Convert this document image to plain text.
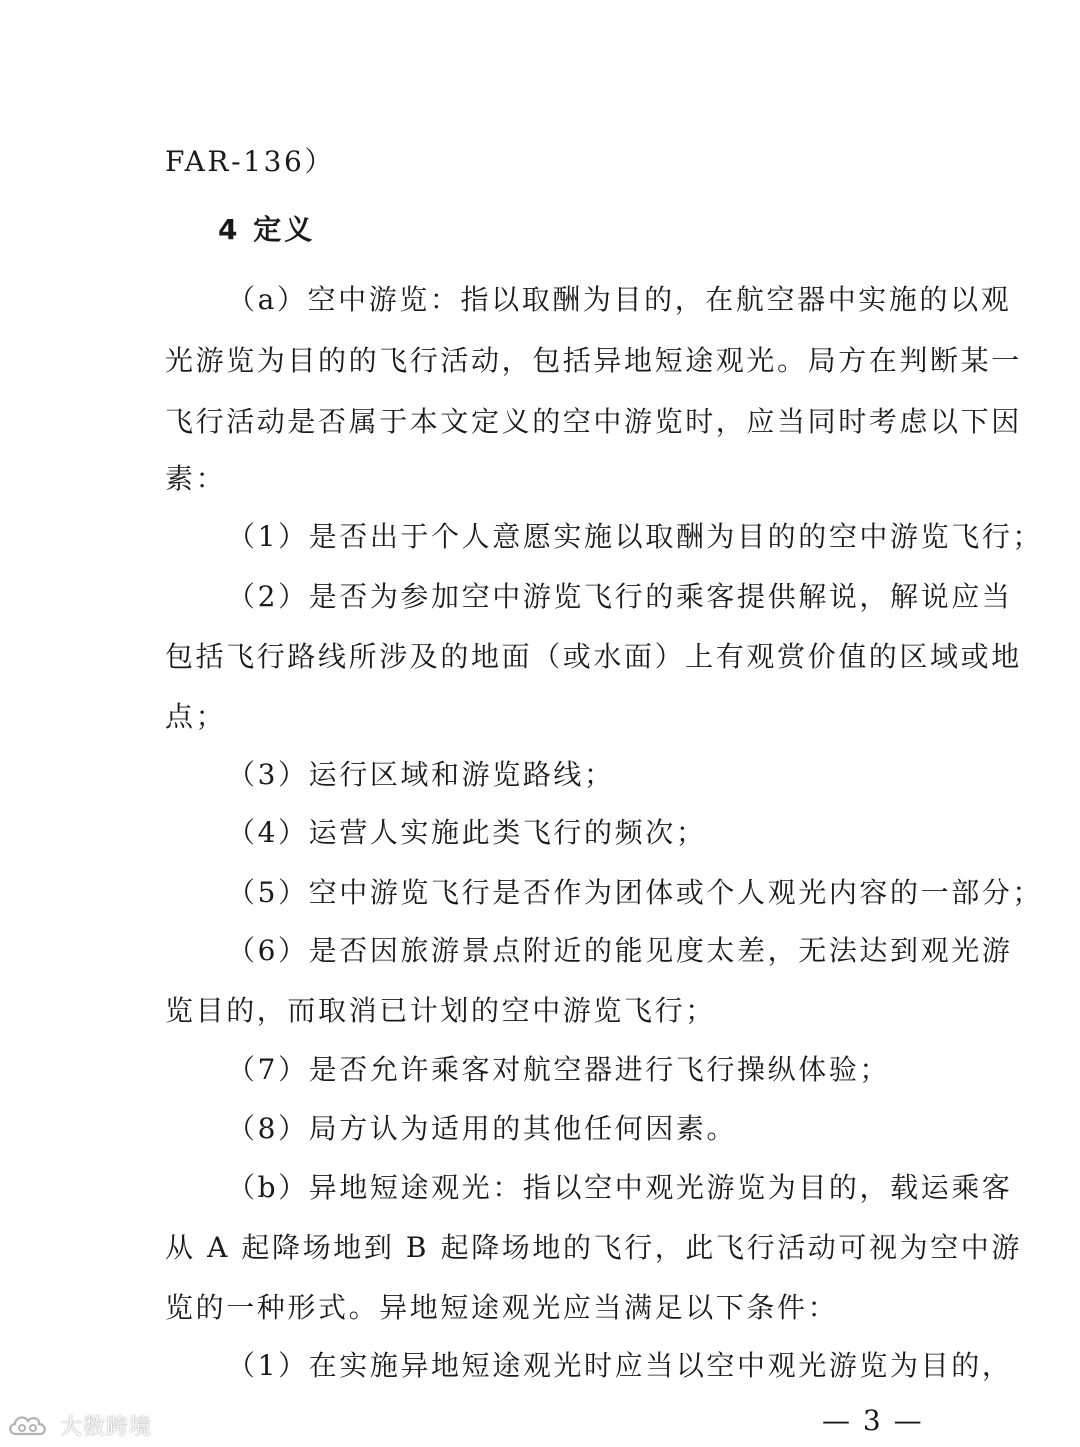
FAR-136）
4 定义
（a）空中游览：指以取酬为目的，在航空器中实施的以观
光游览为目的的飞行活动，包括异地短途观光。局方在判断某一
飞行活动是否属于本文定义的空中游览时，应当同时考虑以下因
素：
（1）是否出于个人意愿实施以取酬为目的的空中游览飞行；
（2）是否为参加空中游览飞行的乘客提供解说，解说应当
包括飞行路线所涉及的地面（或水面）上有观赏价值的区域或地
点；
（3）运行区域和游览路线；
（4）运营人实施此类飞行的频次；
（5）空中游览飞行是否作为团体或个人观光内容的一部分；
（6）是否因旅游景点附近的能见度太差，无法达到观光游
览目的，而取消已计划的空中游览飞行；
（7）是否允许乘客对航空器进行飞行操纵体验；
（8）局方认为适用的其他任何因素。
（b）异地短途观光：指以空中观光游览为目的，载运乘客
从 A 起降场地到 B 起降场地的飞行，此飞行活动可视为空中游
览的一种形式。异地短途观光应当满足以下条件：
（1）在实施异地短途观光时应当以空中观光游览为目的，
— 3 —
大数跨境
